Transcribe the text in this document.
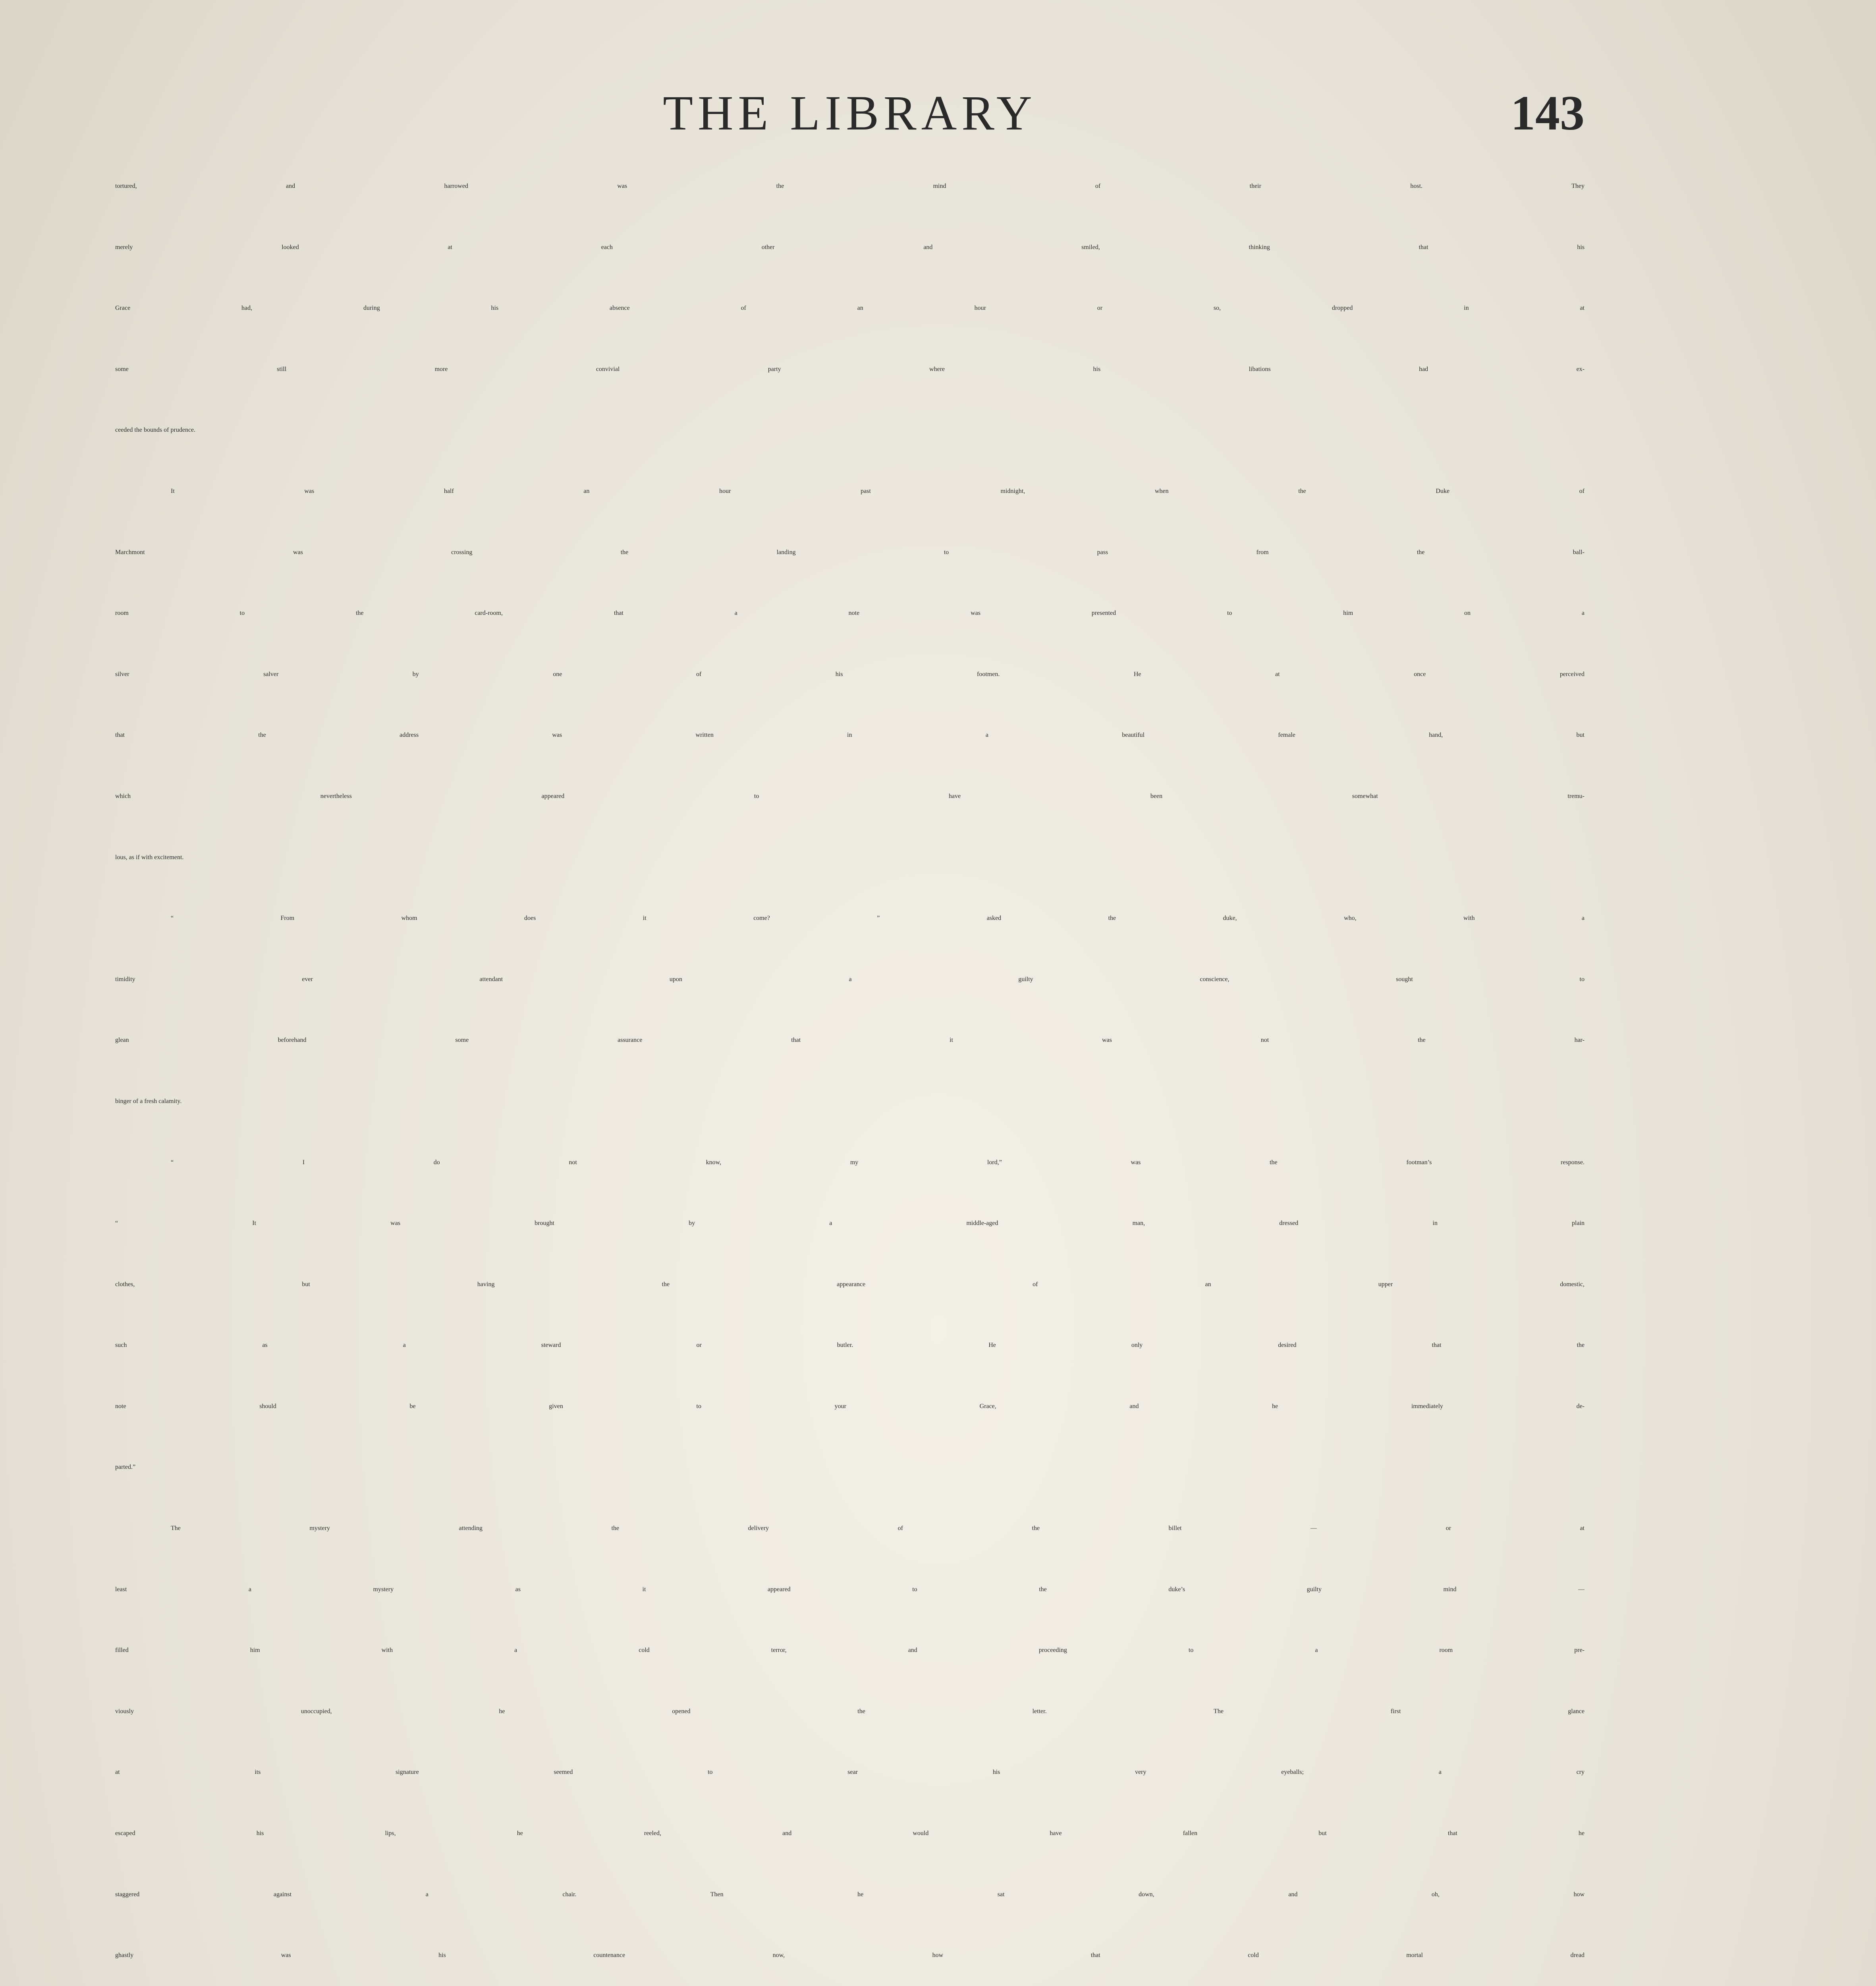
THE LIBRARY	143
tortured, and harrowed was the mind of their host. They
merely looked at each other and smiled, thinking that his
Grace had, during his absence of an hour or so, dropped in at
some still more convivial party where his libations had ex-
ceeded the bounds of prudence.
It was half an hour past midnight, when the Duke of
Marchmont was crossing the landing to pass from the ball-
room to the card-room, that a note was presented to him on a
silver salver by one of his footmen. He at once perceived
that the address was written in a beautiful female hand, but
which nevertheless appeared to have been somewhat tremu-
lous, as if with excitement.
“ From whom does it come? ” asked the duke, who, with a
timidity ever attendant upon a guilty conscience, sought to
glean beforehand some assurance that it was not the har-
binger of a fresh calamity.
“ I do not know, my lord,” was the footman’s response.
“ It was brought by a middle-aged man, dressed in plain
clothes, but having the appearance of an upper domestic,
such as a steward or butler. He only desired that the
note should be given to your Grace, and he immediately de-
parted.”
The mystery attending the delivery of the billet — or at
least a mystery as it appeared to the duke’s guilty mind —
filled him with a cold terror, and proceeding to a room pre-
viously unoccupied, he opened the letter. The first glance
at its signature seemed to sear his very eyeballs; a cry
escaped his lips, he reeled, and would have fallen but that he
staggered against a chair. Then he sat down, and oh, how
ghastly was his countenance now, how that cold mortal dread
